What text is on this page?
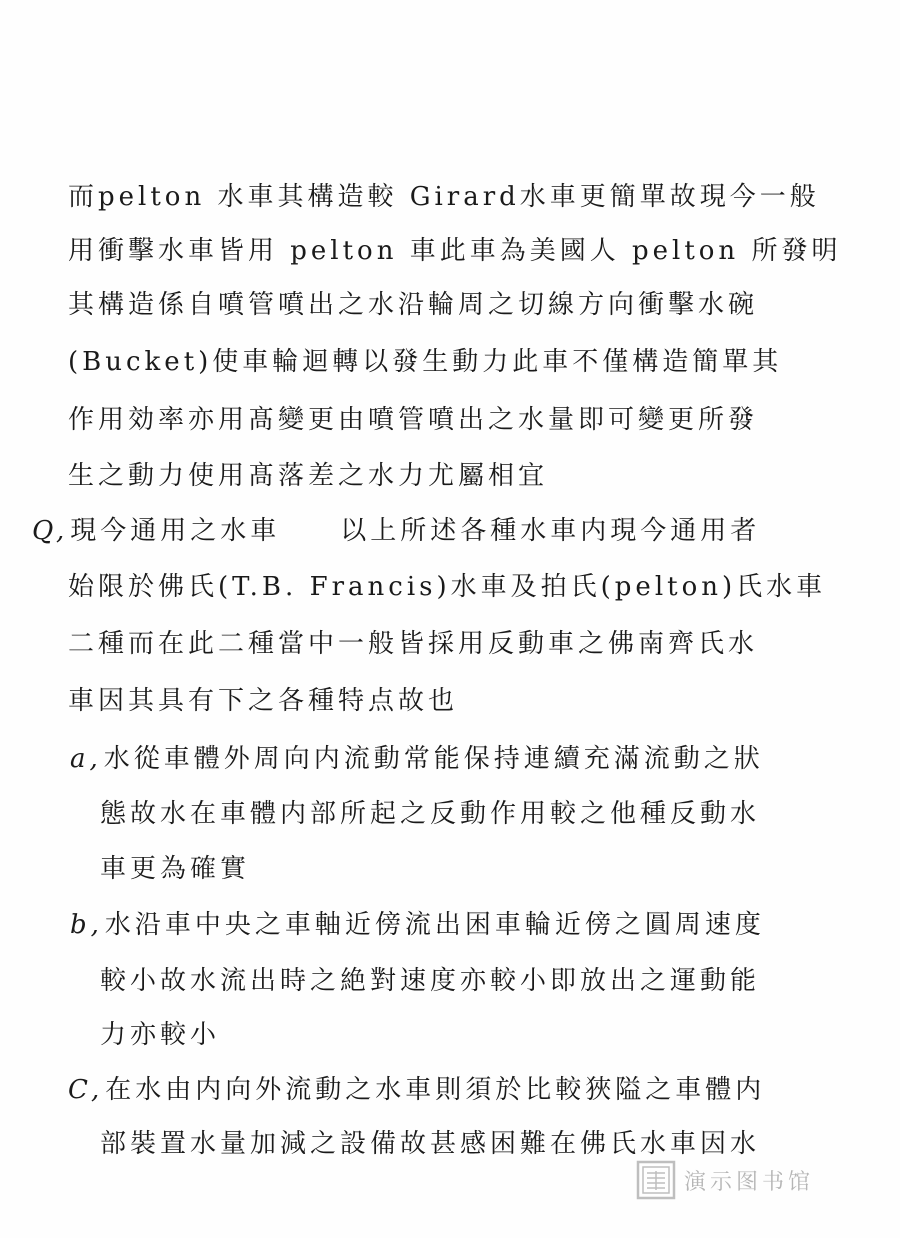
而pelton 水車其構造較 Girard水車更簡單故現今一般
用衝擊水車皆用 pelton 車此車為美國人 pelton 所發明
其構造係自噴管噴出之水沿輪周之切線方向衝擊水碗
(Bucket)使車輪迴轉以發生動力此車不僅構造簡單其
作用効率亦用髙變更由噴管噴出之水量即可變更所發
生之動力使用髙落差之水力尤屬相宜
Q,現今通用之水車　　以上所述各種水車内現今通用者
始限於佛氏(T.B. Francis)水車及拍氏(pelton)氏水車
二種而在此二種當中一般皆採用反動車之佛南齊氏水
車因其具有下之各種特点故也
a,水從車體外周向内流動常能保持連續充滿流動之狀
態故水在車體内部所起之反動作用較之他種反動水
車更為確實
b,水沿車中央之車軸近傍流出困車輪近傍之圓周速度
較小故水流出時之絶對速度亦較小即放出之運動能
力亦較小
C,在水由内向外流動之水車則須於比較狹隘之車體内
部裝置水量加減之設備故甚感困難在佛氏水車因水
演示图书馆
